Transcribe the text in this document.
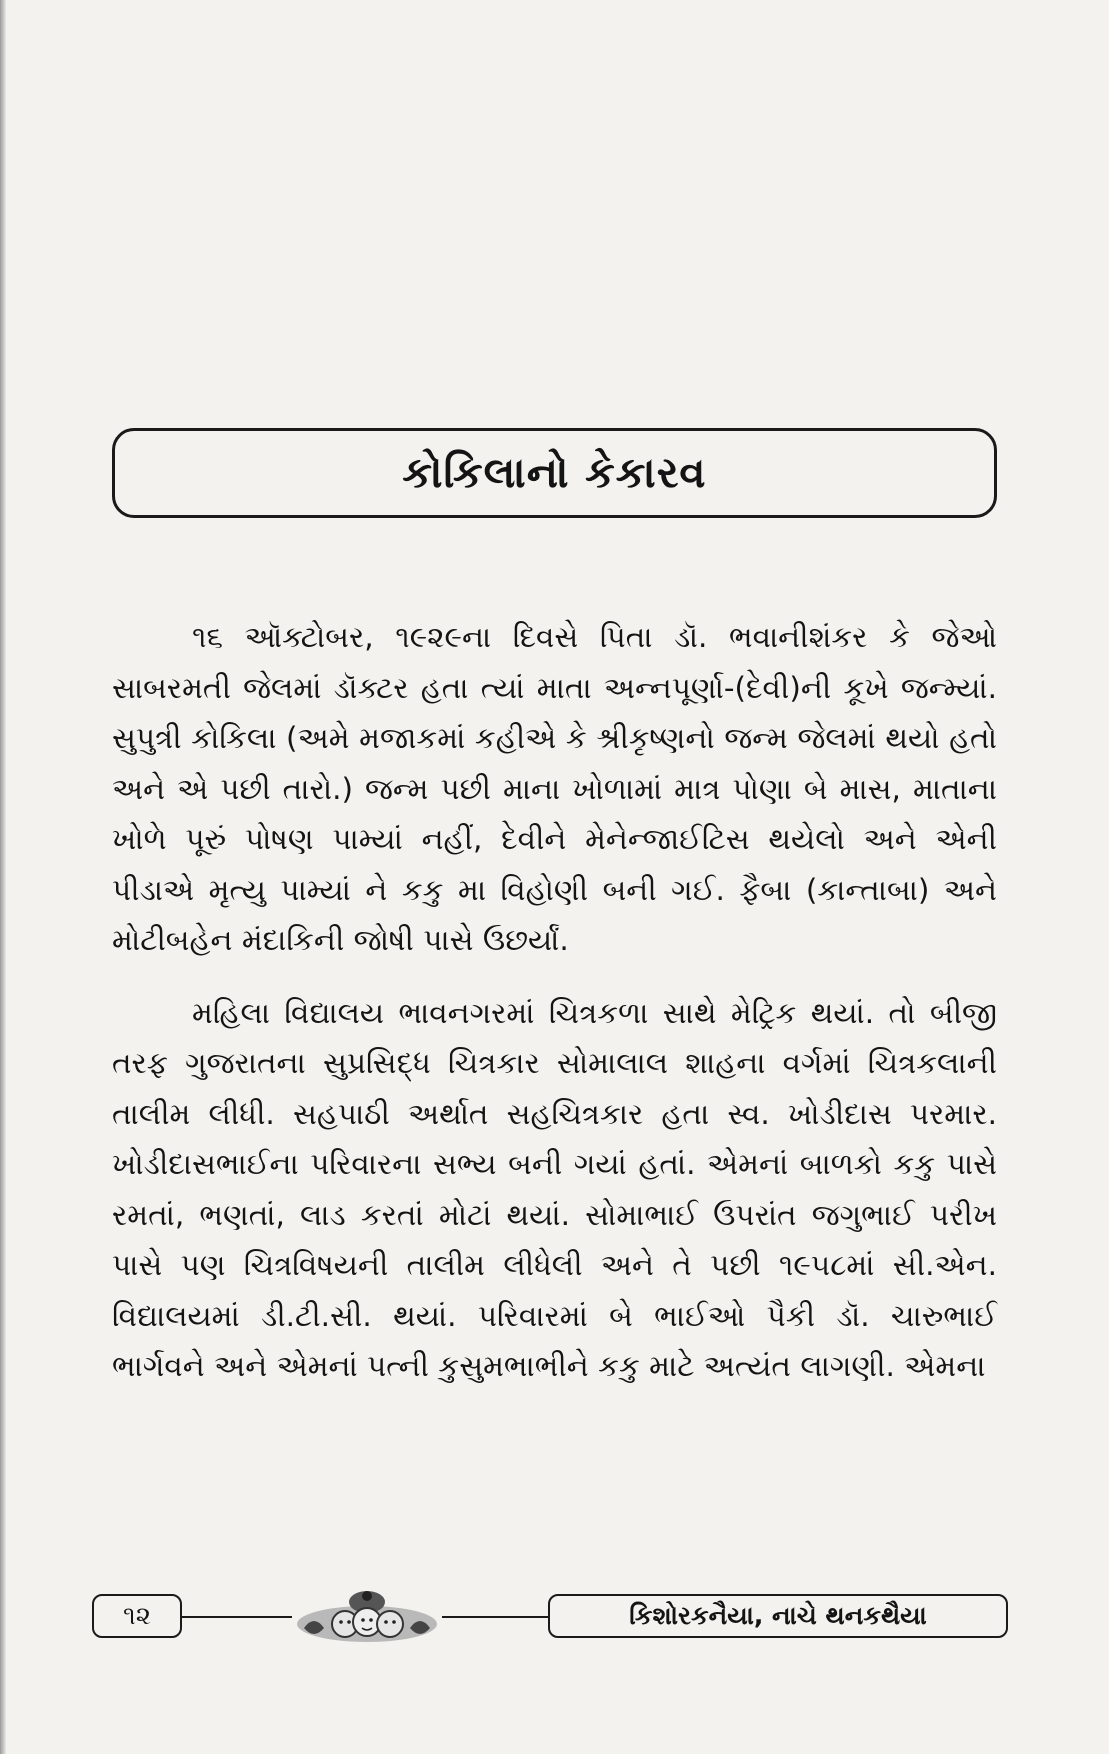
કોકિલાનો કેકારવ

૧૬ ઑક્ટોબર, ૧૯૨૯ના દિવસે પિતા ડૉ. ભવાનીશંકર કે જેઓ સાબરમતી જેલમાં ડૉક્ટર હતા ત્યાં માતા અન્નપૂર્ણા-(દેવી)ની કૂખે જન્મ્યાં. સુપુત્રી કોકિલા (અમે મજાકમાં કહીએ કે શ્રીકૃષ્ણનો જન્મ જેલમાં થયો હતો અને એ પછી તારો.) જન્મ પછી માના ખોળામાં માત્ર પોણા બે માસ, માતાના ખોળે પૂરું પોષણ પામ્યાં નહીં, દેવીને મેનેન્જાઈટિસ થયેલો અને એની પીડાએ મૃત્યુ પામ્યાં ને કકુ મા વિહોણી બની ગઈ. ફૈબા (કાન્તાબા) અને મોટીબહેન મંદાકિની જોષી પાસે ઉછર્યાં.

મહિલા વિદ્યાલય ભાવનગરમાં ચિત્રકળા સાથે મેટ્રિક થયાં. તો બીજી તરફ ગુજરાતના સુપ્રસિદ્ધ ચિત્રકાર સોમાલાલ શાહના વર્ગમાં ચિત્રકલાની તાલીમ લીધી. સહપાઠી અર્થાત સહચિત્રકાર હતા સ્વ. ખોડીદાસ પરમાર. ખોડીદાસભાઈના પરિવારના સભ્ય બની ગયાં હતાં. એમનાં બાળકો કકુ પાસે રમતાં, ભણતાં, લાડ કરતાં મોટાં થયાં. સોમાભાઈ ઉપરાંત જગુભાઈ પરીખ પાસે પણ ચિત્રવિષયની તાલીમ લીધેલી અને તે પછી ૧૯૫૮માં સી.એન. વિદ્યાલયમાં ડી.ટી.સી. થયાં. પરિવારમાં બે ભાઈઓ પૈકી ડૉ. ચારુભાઈ ભાર્ગવને અને એમનાં પત્ની કુસુમભાભીને કકુ માટે અત્યંત લાગણી. એમના

૧૨	કિશોરકનૈયા, નાચે થનકથૈયા
